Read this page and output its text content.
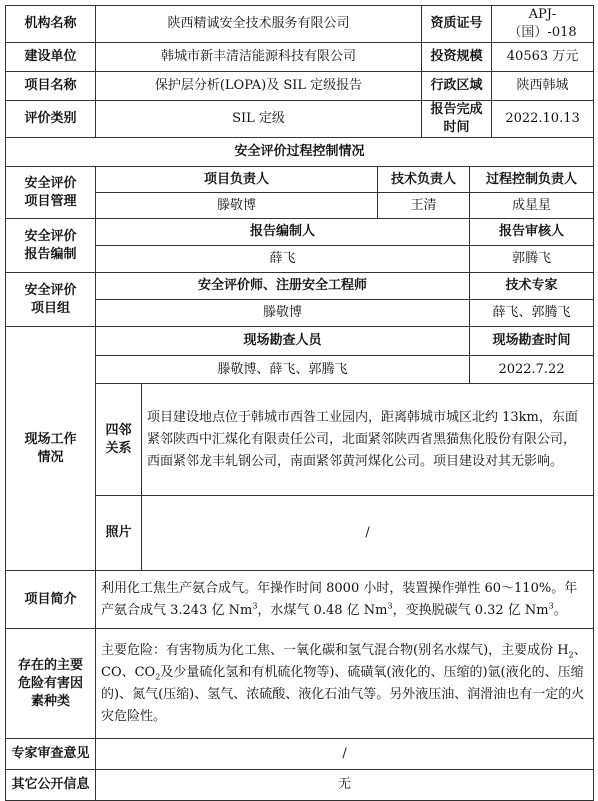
机构名称	陕西精诚安全技术服务有限公司			资质证号		APJ-（国）-018
建设单位	韩城市新丰清洁能源科技有限公司			投资规模		40563 万元
项目名称	保护层分析(LOPA)及 SIL 定级报告			行政区域		陕西韩城
评价类别	SIL 定级			报告完成时间		2022.10.13
安全评价过程控制情况						

安全评价
项目管理	项目负责人		技术负责人		过程控制负责人	
	滕敬博		王清		成星星	

安全评价
报告编制	报告编制人				报告审核人	
	薛飞				郭腾飞	

安全评价
项目组	安全评价师、注册安全工程师				技术专家	
	滕敬博				薛飞、郭腾飞	

现场工作
情况	现场勘查人员				现场勘查时间	
	滕敬博、薛飞、郭腾飞				2022.7.22	

	四邻
关系	项目建设地点位于韩城市西昝工业园内，距离韩城市城区北约 13km，东面紧邻陕西中汇煤化有限责任公司，北面紧邻陕西省黑猫焦化股份有限公司，西面紧邻龙丰轧钢公司，南面紧邻黄河煤化公司。项目建设对其无影响。				
	照片	/				
项目简介	利用化工焦生产氨合成气。年操作时间 8000 小时，装置操作弹性 60～110%。年产氨合成气 3.243 亿 Nm$^3$，水煤气 0.48 亿 Nm$^3$，变换脱碳气 0.32 亿 Nm$^3$。					

存在的主要
危险有害因
素种类	主要危险：有害物质为化工焦、一氧化碳和氢气混合物(别名水煤气)，主要成份 $H_2$、CO、$CO_2$及少量硫化氢和有机硫化物等)、硫磺氧(液化的、压缩的)氩(液化的、压缩的)、氮气(压缩)、氢气、浓硫酸、液化石油气等。另外液压油、润滑油也有一定的火灾危险性。					
专家审查意见	/					
其它公开信息	无					
